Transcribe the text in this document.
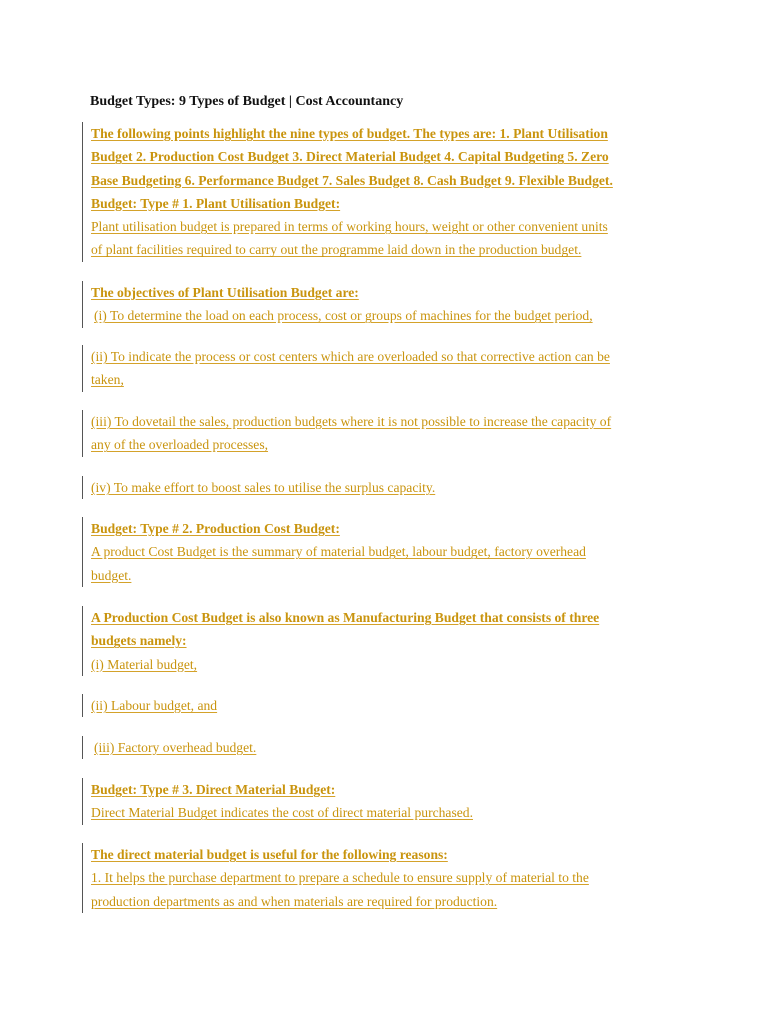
Budget Types: 9 Types of Budget | Cost Accountancy
The following points highlight the nine types of budget. The types are: 1. Plant Utilisation
Budget 2. Production Cost Budget 3. Direct Material Budget 4. Capital Budgeting 5. Zero
Base Budgeting 6. Performance Budget 7. Sales Budget 8. Cash Budget 9. Flexible Budget.
Budget: Type # 1. Plant Utilisation Budget:
Plant utilisation budget is prepared in terms of working hours, weight or other convenient units
of plant facilities required to carry out the programme laid down in the production budget.
The objectives of Plant Utilisation Budget are:
(i) To determine the load on each process, cost or groups of machines for the budget period,
(ii) To indicate the process or cost centers which are overloaded so that corrective action can be
taken,
(iii) To dovetail the sales, production budgets where it is not possible to increase the capacity of
any of the overloaded processes,
(iv) To make effort to boost sales to utilise the surplus capacity.
Budget: Type # 2. Production Cost Budget:
A product Cost Budget is the summary of material budget, labour budget, factory overhead
budget.
A Production Cost Budget is also known as Manufacturing Budget that consists of three
budgets namely:
(i) Material budget,
(ii) Labour budget, and
(iii) Factory overhead budget.
Budget: Type # 3. Direct Material Budget:
Direct Material Budget indicates the cost of direct material purchased.
The direct material budget is useful for the following reasons:
1. It helps the purchase department to prepare a schedule to ensure supply of material to the
production departments as and when materials are required for production.
